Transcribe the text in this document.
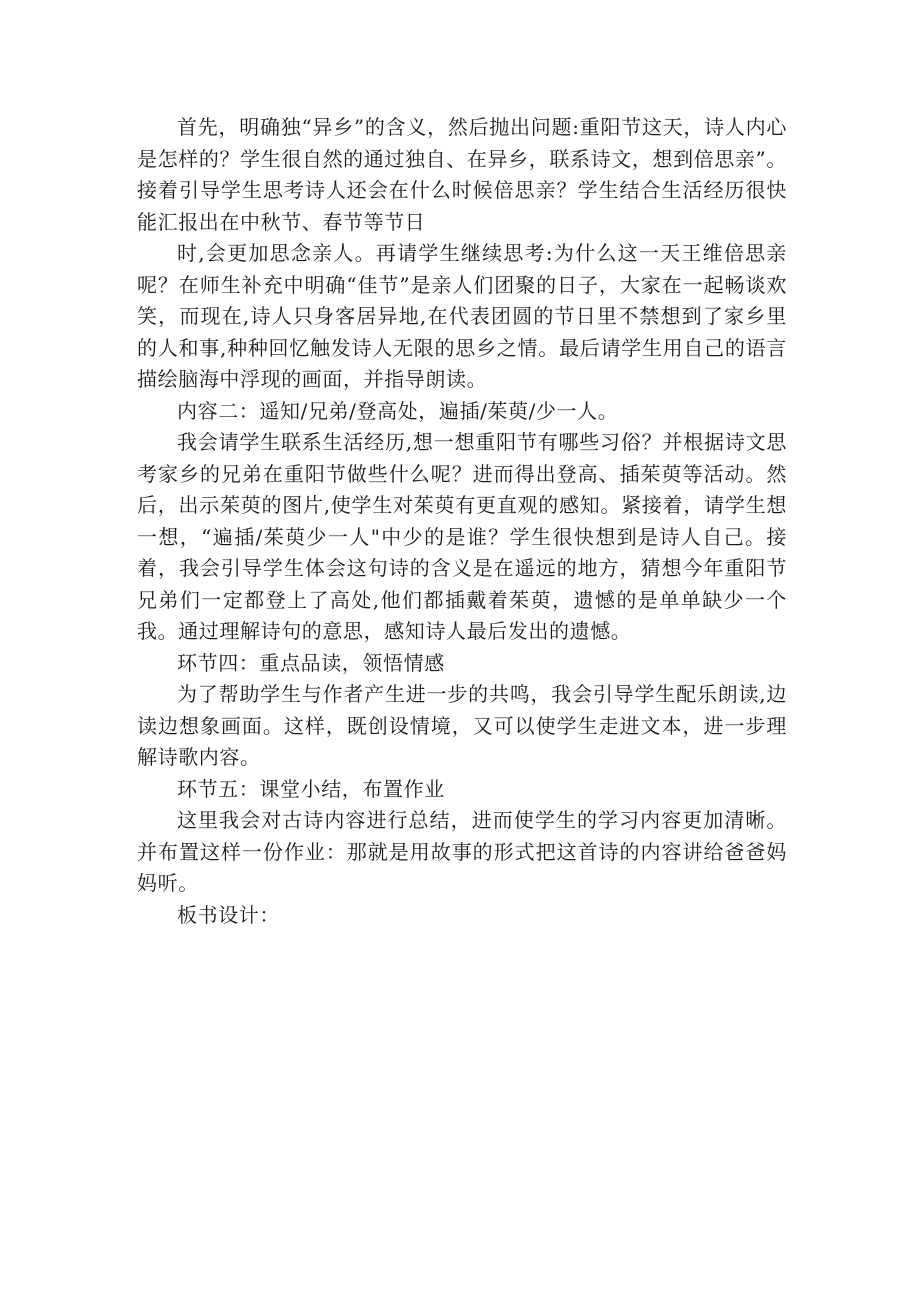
首先，明确独“异乡”的含义，然后抛出问题:重阳节这天，诗人内心是怎样的？学生很自然的通过独自、在异乡，联系诗文，想到倍思亲”。接着引导学生思考诗人还会在什么时候倍思亲？学生结合生活经历很快能汇报出在中秋节、春节等节日

时,会更加思念亲人。再请学生继续思考:为什么这一天王维倍思亲呢？在师生补充中明确“佳节”是亲人们团聚的日子，大家在一起畅谈欢笑，而现在,诗人只身客居异地,在代表团圆的节日里不禁想到了家乡里的人和事,种种回忆触发诗人无限的思乡之情。最后请学生用自己的语言描绘脑海中浮现的画面，并指导朗读。

内容二：遥知/兄弟/登高处，遍插/茱萸/少一人。

我会请学生联系生活经历,想一想重阳节有哪些习俗？并根据诗文思考家乡的兄弟在重阳节做些什么呢？进而得出登高、插茱萸等活动。然后，出示茱萸的图片,使学生对茱萸有更直观的感知。紧接着，请学生想一想，“遍插/茱萸少一人"中少的是谁？学生很快想到是诗人自己。接着，我会引导学生体会这句诗的含义是在遥远的地方，猜想今年重阳节兄弟们一定都登上了高处,他们都插戴着茱萸，遗憾的是单单缺少一个我。通过理解诗句的意思，感知诗人最后发出的遗憾。

环节四：重点品读，领悟情感

为了帮助学生与作者产生进一步的共鸣，我会引导学生配乐朗读,边读边想象画面。这样，既创设情境，又可以使学生走进文本，进一步理解诗歌内容。

环节五：课堂小结，布置作业

这里我会对古诗内容进行总结，进而使学生的学习内容更加清晰。并布置这样一份作业：那就是用故事的形式把这首诗的内容讲给爸爸妈妈听。

板书设计：
